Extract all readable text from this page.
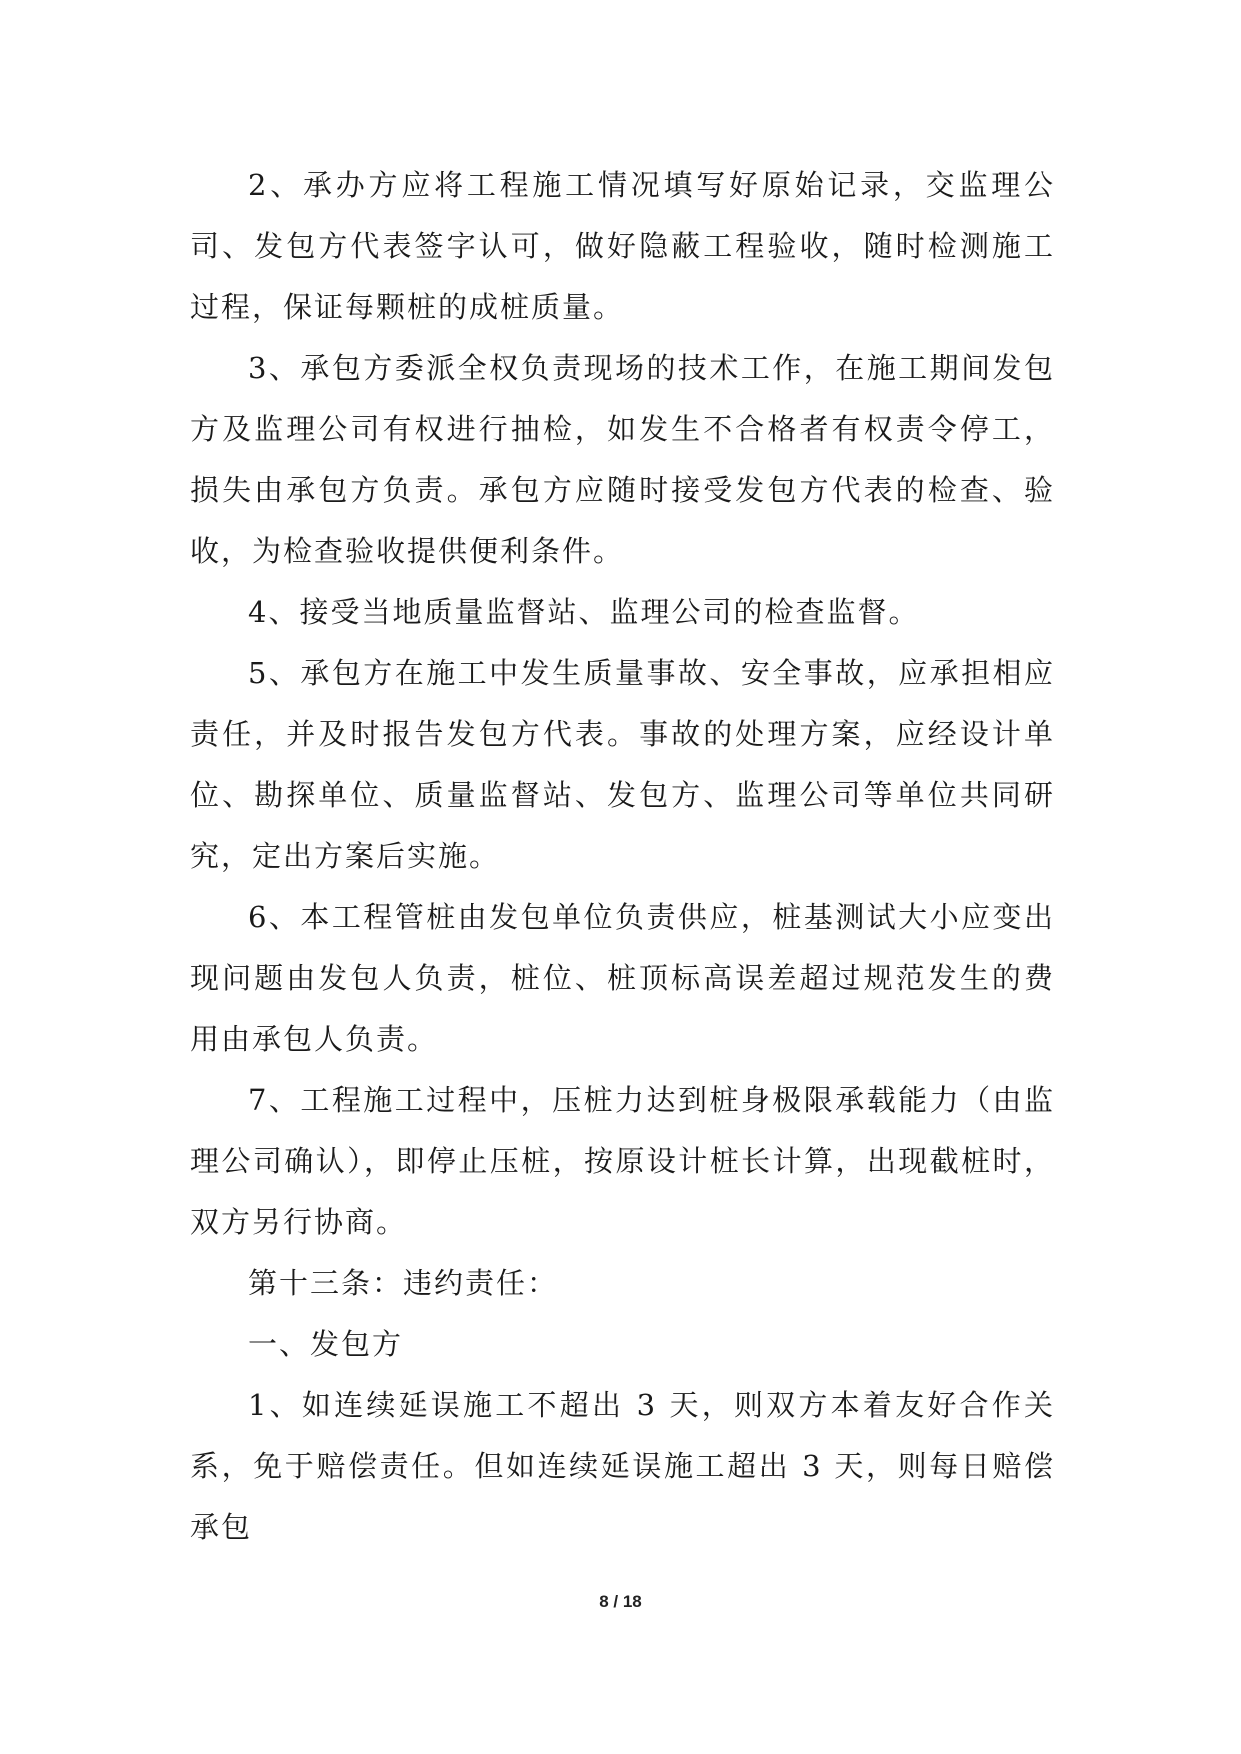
2、承办方应将工程施工情况填写好原始记录，交监理公司、发包方代表签字认可，做好隐蔽工程验收，随时检测施工过程，保证每颗桩的成桩质量。

3、承包方委派全权负责现场的技术工作，在施工期间发包方及监理公司有权进行抽检，如发生不合格者有权责令停工，损失由承包方负责。承包方应随时接受发包方代表的检查、验收，为检查验收提供便利条件。

4、接受当地质量监督站、监理公司的检查监督。

5、承包方在施工中发生质量事故、安全事故，应承担相应责任，并及时报告发包方代表。事故的处理方案，应经设计单位、勘探单位、质量监督站、发包方、监理公司等单位共同研究，定出方案后实施。

6、本工程管桩由发包单位负责供应，桩基测试大小应变出现问题由发包人负责，桩位、桩顶标高误差超过规范发生的费用由承包人负责。

7、工程施工过程中，压桩力达到桩身极限承载能力（由监理公司确认），即停止压桩，按原设计桩长计算，出现截桩时，双方另行协商。

第十三条：违约责任：

一、发包方

1、如连续延误施工不超出 3 天，则双方本着友好合作关系，免于赔偿责任。但如连续延误施工超出 3 天，则每日赔偿承包

8 / 18
